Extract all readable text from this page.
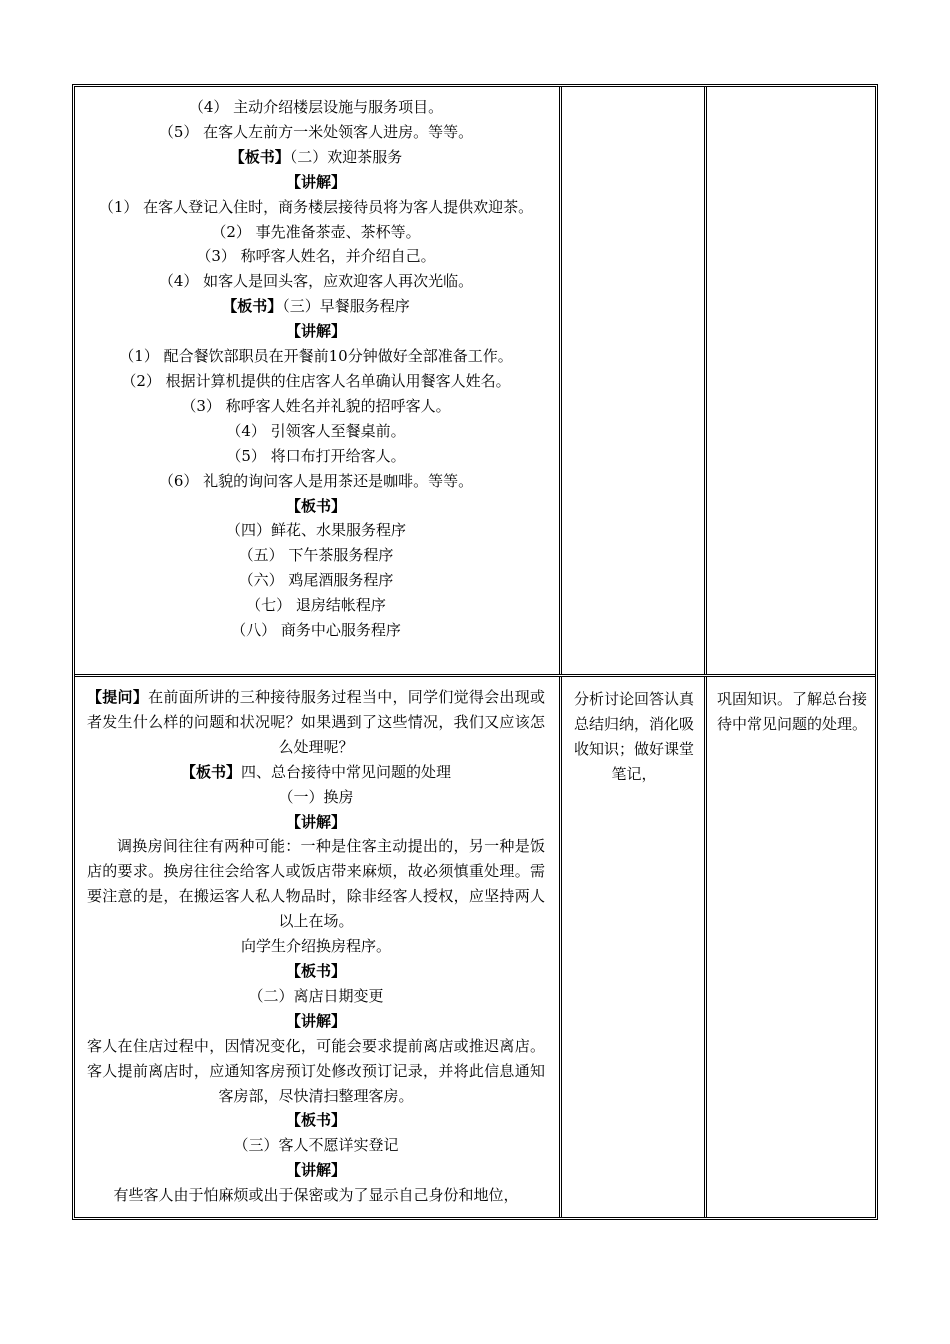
（4） 主动介绍楼层设施与服务项目。
（5） 在客人左前方一米处领客人进房。等等。
【板书】（二）欢迎茶服务
【讲解】
（1） 在客人登记入住时，商务楼层接待员将为客人提供欢迎茶。
（2） 事先准备茶壶、茶杯等。
（3） 称呼客人姓名，并介绍自己。
（4） 如客人是回头客，应欢迎客人再次光临。
【板书】（三）早餐服务程序
【讲解】
（1） 配合餐饮部职员在开餐前10分钟做好全部准备工作。
（2） 根据计算机提供的住店客人名单确认用餐客人姓名。
（3） 称呼客人姓名并礼貌的招呼客人。
（4） 引领客人至餐桌前。
（5） 将口布打开给客人。
（6） 礼貌的询问客人是用茶还是咖啡。等等。
【板书】
（四）鲜花、水果服务程序
（五） 下午茶服务程序
（六） 鸡尾酒服务程序
（七） 退房结帐程序
（八） 商务中心服务程序
【提问】在前面所讲的三种接待服务过程当中，同学们觉得会出现或者发生什么样的问题和状况呢？如果遇到了这些情况，我们又应该怎么处理呢？
【板书】四、总台接待中常见问题的处理
（一）换房
【讲解】
调换房间往往有两种可能：一种是住客主动提出的，另一种是饭店的要求。换房往往会给客人或饭店带来麻烦，故必须慎重处理。需要注意的是，在搬运客人私人物品时，除非经客人授权，应坚持两人以上在场。
向学生介绍换房程序。
【板书】
（二）离店日期变更
【讲解】
客人在住店过程中，因情况变化，可能会要求提前离店或推迟离店。客人提前离店时，应通知客房预订处修改预订记录，并将此信息通知客房部，尽快清扫整理客房。
【板书】
（三）客人不愿详实登记
【讲解】
有些客人由于怕麻烦或出于保密或为了显示自己身份和地位，
分析讨论回答认真总结归纳，消化吸收知识；做好课堂笔记，
巩固知识。了解总台接待中常见问题的处理。
